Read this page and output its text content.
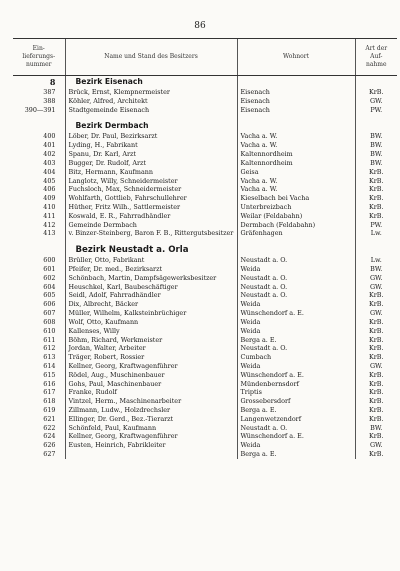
86
Ein-
lieferungs-
nummer	Name und Stand des Besitzers	Wohnort	Art der
Auf-
nahme
8	Bezirk Eisenach		
387	Brück, Ernst, Klempnermeister	Eisenach	KrB.
388	Köhler, Alfred, Architekt	Eisenach	GW.
390—391	Stadtgemeinde Eisenach	Eisenach	PW.

	Bezirk Dermbach		
400	Löber, Dr. Paul, Bezirksarzt	Vacha a. W.	BW.
401	Lyding, H., Fabrikant	Vacha a. W.	BW.
402	Spanu, Dr. Karl, Arzt	Kaltennordheim	BW.
403	Bugger, Dr. Rudolf, Arzt	Kaltennordheim	BW.
404	Bitz, Hermann, Kaufmann	Geisa	KrB.
405	Langlotz, Willy, Schneidermeister	Vacha a. W.	KrB.
406	Fuchsloch, Max, Schneidermeister	Vacha a. W.	KrB.
409	Wohlfarth, Gottlieb, Fahrschullehrer	Kieselbach bei Vacha	KrB.
410	Hüther, Fritz Wilh., Sattlermeister	Unterbreizbach	KrB.
411	Koswald, E. R., Fahrradhändler	Weilar (Feldabahn)	KrB.
412	Gemeinde Dermbach	Dermbach (Feldabahn)	PW.
413	v. Binzer-Steinberg, Baron F. B., Rittergutsbesitzer	Gräfenhagen	Lw.

	Bezirk Neustadt a. Orla		
600	Brüller, Otto, Fabrikant	Neustadt a. O.	Lw.
601	Pfeifer, Dr. med., Bezirksarzt	Weida	BW.
602	Schönbach, Martin, Dampfsägewerksbesitzer	Neustadt a. O.	GW.
604	Heuschkel, Karl, Baubeschäftiger	Neustadt a. O.	GW.
605	Seidl, Adolf, Fahrradhändler	Neustadt a. O.	KrB.
606	Dix, Albrecht, Bäcker	Weida	KrB.
607	Müller, Wilhelm, Kalksteinbrüchiger	Wünschendorf a. E.	GW.
608	Wolf, Otto, Kaufmann	Weida	KrB.
610	Kallenses, Willy	Weida	KrB.
611	Böhm, Richard, Werkmeister	Berga a. E.	KrB.
612	Jordan, Walter, Arbeiter	Neustadt a. O.	KrB.
613	Träger, Robert, Rossier	Cumbach	KrB.
614	Kellner, Georg, Kraftwagenführer	Weida	GW.
615	Rödel, Aug., Muschinenbauer	Wünschendorf a. E.	KrB.
616	Gohs, Paul, Maschinenbauer	Mündenbernsdorf	KrB.
617	Franke, Rudolf	Triptis	KrB.
618	Vintzel, Herm., Maschinenarbeiter	Grossebersdorf	KrB.
619	Zillmann, Ludw., Holzdrechsler	Berga a. E.	KrB.
621	Ellinger, Dr. Gerd., Bez.-Tierarzt	Langenwetzendorf	KrB.
622	Schönfeld, Paul, Kaufmann	Neustadt a. O.	BW.
624	Kellner, Georg, Kraftwagenführer	Wünschendorf a. E.	KrB.
626	Eusten, Heinrich, Fabrikleiter	Weida	GW.
627		Berga a. E.	KrB.
